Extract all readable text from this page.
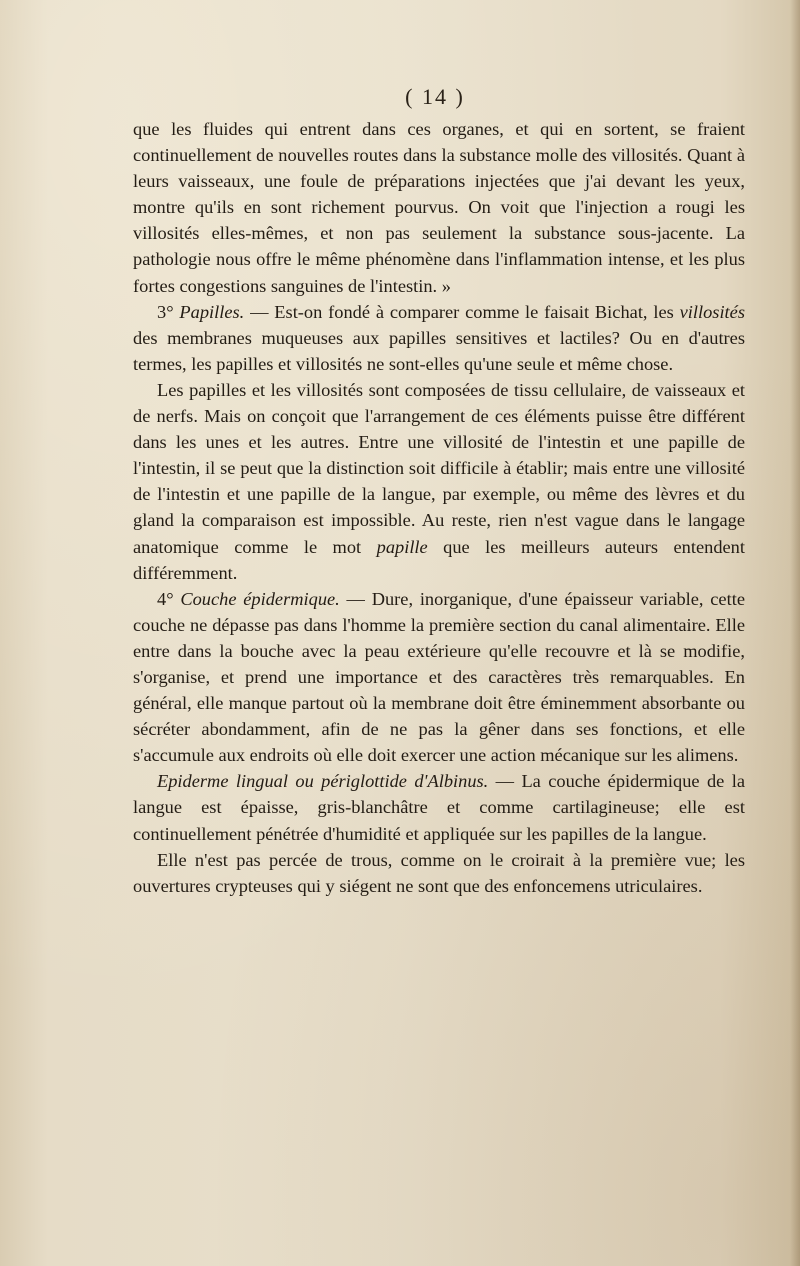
( 14 )

que les fluides qui entrent dans ces organes, et qui en sortent, se fraient continuellement de nouvelles routes dans la substance molle des villosités. Quant à leurs vaisseaux, une foule de préparations injectées que j'ai devant les yeux, montre qu'ils en sont richement pourvus. On voit que l'injection a rougi les villosités elles-mêmes, et non pas seulement la substance sous-jacente. La pathologie nous offre le même phénomène dans l'inflammation intense, et les plus fortes congestions sanguines de l'intestin. »

3° Papilles. — Est-on fondé à comparer comme le faisait Bichat, les villosités des membranes muqueuses aux papilles sensitives et lactiles? Ou en d'autres termes, les papilles et villosités ne sont-elles qu'une seule et même chose.

Les papilles et les villosités sont composées de tissu cellulaire, de vaisseaux et de nerfs. Mais on conçoit que l'arrangement de ces éléments puisse être différent dans les unes et les autres. Entre une villosité de l'intestin et une papille de l'intestin, il se peut que la distinction soit difficile à établir; mais entre une villosité de l'intestin et une papille de la langue, par exemple, ou même des lèvres et du gland la comparaison est impossible. Au reste, rien n'est vague dans le langage anatomique comme le mot papille que les meilleurs auteurs entendent différemment.

4° Couche épidermique. — Dure, inorganique, d'une épaisseur variable, cette couche ne dépasse pas dans l'homme la première section du canal alimentaire. Elle entre dans la bouche avec la peau extérieure qu'elle recouvre et là se modifie, s'organise, et prend une importance et des caractères très remarquables. En général, elle manque partout où la membrane doit être éminemment absorbante ou sécréter abondamment, afin de ne pas la gêner dans ses fonctions, et elle s'accumule aux endroits où elle doit exercer une action mécanique sur les alimens.

Epiderme lingual ou périglottide d'Albinus. — La couche épidermique de la langue est épaisse, gris-blanchâtre et comme cartilagineuse; elle est continuellement pénétrée d'humidité et appliquée sur les papilles de la langue.

Elle n'est pas percée de trous, comme on le croirait à la première vue; les ouvertures crypteuses qui y siégent ne sont que des enfoncemens utriculaires.
